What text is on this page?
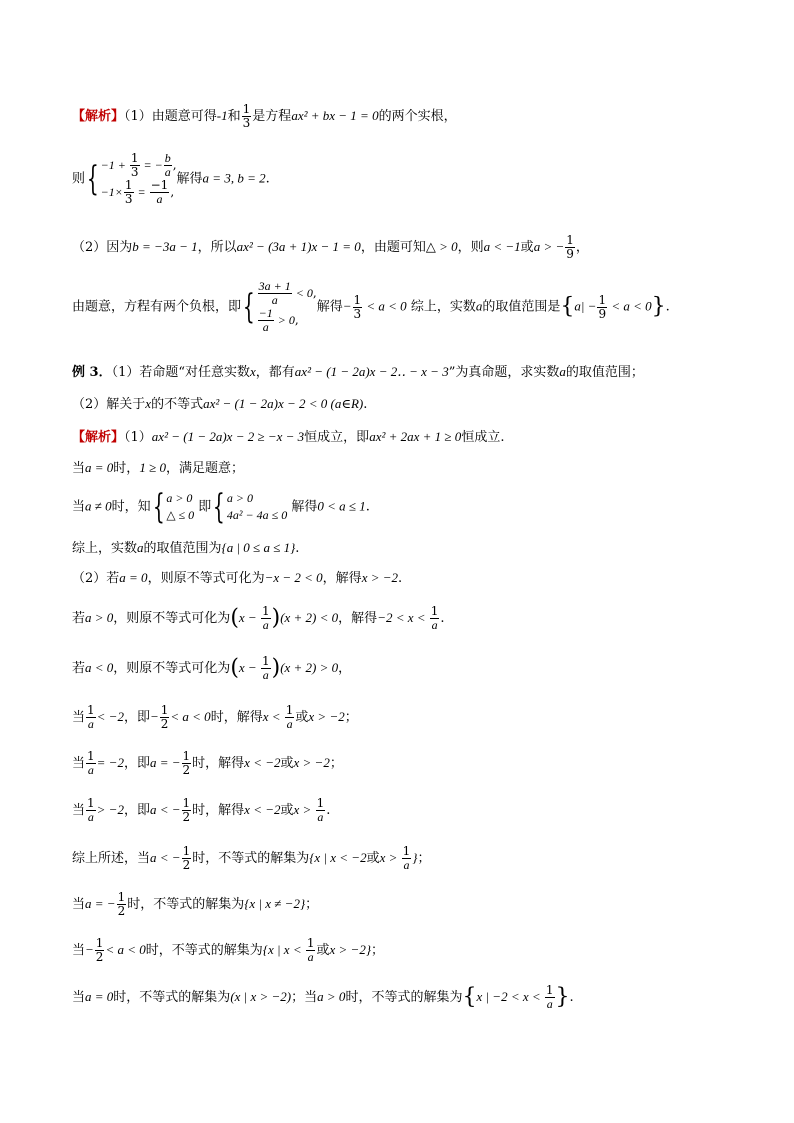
【解析】（1）由题意可得-1和 $\frac{1}{3}$ 是方程ax² + bx − 1 = 0的两个实根，
则{ $-1 + \frac{1}{3}$ = − $\frac{b}{a}$ ,
$-1\times \frac{1}{3} = \frac{-1}{a}$ ,
解得a = 3, b = 2.
（2）因为b = −3a − 1，所以ax² − (3a + 1)x − 1 = 0，由题可知△ > 0，则a < −1或a > − $\frac{1}{9}$ ，
由题意，方程有两个负根，即{ $\frac{3a + 1}{a} < 0$,
$\frac{-1}{a} > 0$,
解得− $\frac{1}{3} < a < 0$ 综上，实数a的取值范围是$\{a| - \frac{1}{9} < a < 0\}$.
例 3．（1）若命题“对任意实数x，都有ax² − (1 − 2a)x − 2‥ − x − 3”为真命题，求实数a的取值范围；
（2）解关于x的不等式ax² − (1 − 2a)x − 2 < 0 (a∈R).
【解析】（1）ax² − (1 − 2a)x − 2 ≥ −x − 3恒成立，即ax² + 2ax + 1 ≥ 0恒成立.
当a = 0时，1 ≥ 0，满足题意；
当a ≠ 0时，知{ a > 0
△ ≤ 0
即{ a > 0
4a² − 4a ≤ 0
解得0 < a ≤ 1.
综上，实数a的取值范围为{a | 0 ≤ a ≤ 1}.
（2）若a = 0，则原不等式可化为−x − 2 < 0，解得x > −2.
若a > 0，则原不等式可化为$(x - \frac{1}{a} )(x + 2) < 0$，解得$-2 < x < \frac{1}{a}$ .
若a < 0，则原不等式可化为$(x - \frac{1}{a} )(x + 2) > 0$，
当 $\frac{1}{a} < -2$，即− $\frac{1}{2} < a < 0$时，解得$x < \frac{1}{a}$ 或x > −2；
当 $\frac{1}{a} = -2$，即a = − $\frac{1}{2}$ 时，解得x < −2或x > −2；
当 $\frac{1}{a} > -2$，即a < − $\frac{1}{2}$ 时，解得x < −2或$x > \frac{1}{a}$ .
综上所述，当a < − $\frac{1}{2}$ 时，不等式的解集为{x | x < −2或$x > \frac{1}{a}$ }；
当a = − $\frac{1}{2}$ 时，不等式的解集为{x | x ≠ −2}；
当− $\frac{1}{2} < a < 0$时，不等式的解集为{x | $x < \frac{1}{a}$ 或x > −2}；
当a = 0时，不等式的解集为(x | x > −2)；当a > 0时，不等式的解集为{x | $-2 < x < \frac{1}{a}$ }.
